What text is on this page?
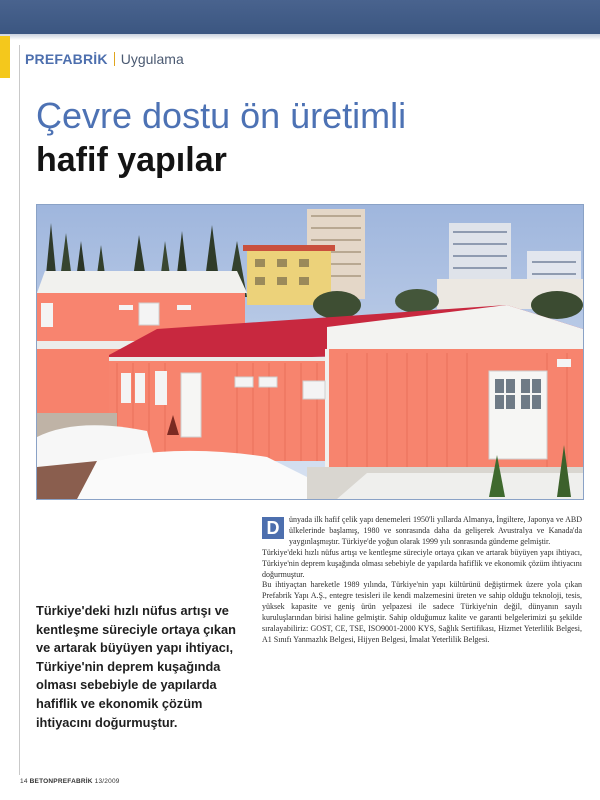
PREFABRİK Uygulama
Çevre dostu ön üretimli
hafif yapılar
Türkiye'deki hızlı nüfus artışı ve kentleşme süreciyle ortaya çıkan ve artarak büyüyen yapı ihtiyacı, Türkiye'nin deprem kuşağında olması sebebiyle de yapılarda hafiflik ve ekonomik çözüm ihtiyacını doğurmuştur.

D	ünyada ilk hafif çelik yapı denemeleri 1950'li yıllarda Almanya, İngiltere, Japonya ve ABD ülkelerinde başlamış, 1980 ve sonrasında daha da gelişerek Avustralya ve Kanada'da yaygınlaşmıştır. Türkiye'de yoğun olarak 1999 yılı sonrasında gündeme gelmiştir.

Türkiye'deki hızlı nüfus artışı ve kentleşme süreciyle ortaya çıkan ve artarak büyüyen yapı ihtiyacı, Türkiye'nin deprem kuşağında olması sebebiyle de yapılarda hafiflik ve ekonomik çözüm ihtiyacını doğurmuştur.

Bu ihtiyaçtan hareketle 1989 yılında, Türkiye'nin yapı kültürünü değiştirmek üzere yola çıkan Prefabrik Yapı A.Ş., entegre tesisleri ile kendi malzemesini üreten ve sahip olduğu teknoloji, tesis, yüksek kapasite ve geniş ürün yelpazesi ile sadece Türkiye'nin değil, dünyanın sayılı kuruluşlarından birisi haline gelmiştir. Sahip olduğumuz kalite ve garanti belgelerimizi şu şekilde sıralayabiliriz: GOST, CE, TSE, ISO9001-2000 KYS, Sağlık Sertifikası, Hizmet Yeterlilik Belgesi, A1 Sınıfı Yanmazlık Belgesi, Hijyen Belgesi, İmalat Yeterlilik Belgesi.

14 BETONPREFABRİK 13/2009
